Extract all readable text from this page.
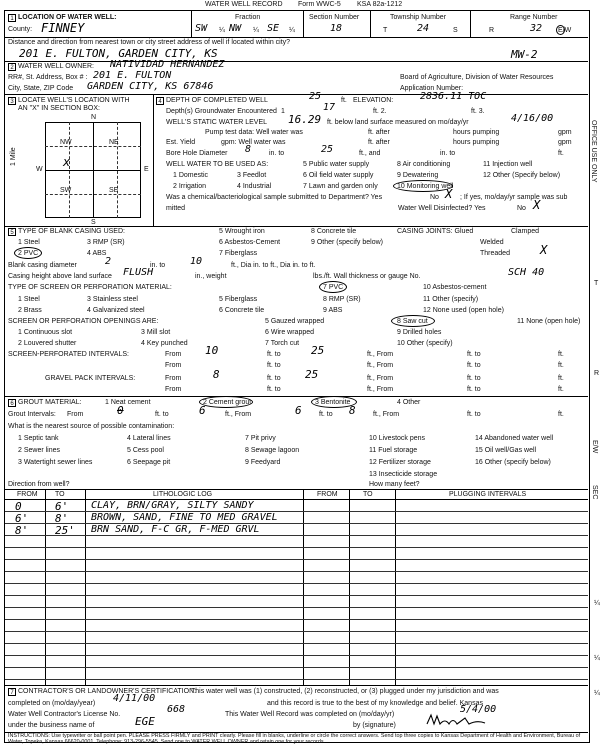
WATER WELL RECORD Form WWC-5 KSA 82a-1212
1 LOCATION OF WATER WELL:
County: FINNEY
Fraction
SW ¼ NW ¼ SE ¼
Section Number
18
Township Number
T	24	S
Range Number
R	32 E/W
Distance and direction from nearest town or city street address of well if located within city?
201 E. FULTON, GARDEN CITY, KS	MW-2
2 WATER WELL OWNER: NATIVIDAD HERNANDEZ
RR#, St. Address, Box # : 201 E. FULTON	Board of Agriculture, Division of Water Resources
City, State, ZIP Code GARDEN CITY, KS 67846	Application Number:
3 LOCATE WELL'S LOCATION WITH
AN "X" IN SECTION BOX:
N
NW	NE
SW	SE
W	E
S
1 Mile	x
4 DEPTH OF COMPLETED WELL	25	ft. ELEVATION:	2836.11 TOC
Depth(s) Groundwater Encountered 1	17	ft. 2.	ft. 3.
WELL'S STATIC WATER LEVEL 16.29 ft. below land surface measured on mo/day/yr	4/16/00
Pump test data: Well water was	ft. after	hours pumping	gpm
Est. Yield	gpm: Well water was	ft. after	hours pumping	gpm
Bore Hole Diameter 8	in. to	25	ft., and	in. to	ft.
WELL WATER TO BE USED AS:	5 Public water supply	8 Air conditioning	11 Injection well
1 Domestic	3 Feedlot	6 Oil field water supply	9 Dewatering	12 Other (Specify below)
2 Irrigation	4 Industrial	7 Lawn and garden only	10 Monitoring well
Was a chemical/bacteriological sample submitted to Department? Yes	No X ; If yes, mo/day/yr sample was sub
mitted	Water Well Disinfected? Yes	No X
5 TYPE OF BLANK CASING USED:
1 Steel	3 RMP (SR)
2 PVC	4 ABS
5 Wrought iron
6 Asbestos-Cement
7 Fiberglass
8 Concrete tile
9 Other (specify below)
CASING JOINTS: Glued	Clamped
Welded
Threaded	X
Blank casing diameter	2	in. to 10	ft., Dia in. to ft., Dia in. to ft.
Casing height above land surface FLUSH	in., weight	lbs./ft. Wall thickness or gauge No.	SCH 40
TYPE OF SCREEN OR PERFORATION MATERIAL:
1 Steel	3 Stainless steel	5 Fiberglass
7 PVC	10 Asbestos-cement
2 Brass	4 Galvanized steel	6 Concrete tile
8 RMP (SR)	11 Other (specify)
9 ABS	12 None used (open hole)
SCREEN OR PERFORATION OPENINGS ARE:	5 Gauzed wrapped	8 Saw cut	11 None (open hole)
1 Continuous slot	3 Mill slot	6 Wire wrapped	9 Drilled holes
2 Louvered shutter	4 Key punched	7 Torch cut	10 Other (specify)
SCREEN-PERFORATED INTERVALS:	From 10	ft. to	25	ft., From	ft. to	ft.
From	ft. to	ft., From	ft. to	ft.
GRAVEL PACK INTERVALS:	From	8	ft. to 25	ft., From	ft. to	ft.
From	ft. to	ft., From	ft. to	ft.
6 GROUT MATERIAL:	1 Neat cement	2 Cement grout	3 Bentonite	4 Other
Grout Intervals: From	0	ft. to	6	ft., From	6 ft. to 8 ft., From	ft. to	ft.
What is the nearest source of possible contamination:
1 Septic tank	4 Lateral lines	7 Pit privy	10 Livestock pens	14 Abandoned water well
2 Sewer lines	5 Cess pool	8 Sewage lagoon	11 Fuel storage	15 Oil well/Gas well
3 Watertight sewer lines	6 Seepage pit	9 Feedyard	12 Fertilizer storage	16 Other (specify below)
13 Insecticide storage
Direction from well?	How many feet?
FROM TO	LITHOLOGIC LOG	FROM	TO	PLUGGING INTERVALS
0	6' CLAY, BRN/GRAY, SILTY SANDY
6' 8' BROWN, SAND, FINE TO MED GRAVEL
8' 25' BRN SAND, F-C GR, F-MED GRVL
7 CONTRACTOR'S OR LANDOWNER'S CERTIFICATION:
This water well was (1) constructed, (2) reconstructed, or (3) plugged under my jurisdiction and was
completed on (mo/day/year) 4/11/00	and this record is true to the best of my knowledge and belief. Kansas
Water Well Contractor's License No.	668	This Water Well Record was completed on (mo/day/yr)	5/4/00
under the business name of	EGE	by (signature)
INSTRUCTIONS: Use typewriter or ball point pen. PLEASE PRESS FIRMLY and PRINT clearly. Please fill in blanks, underline or circle the correct answers. Send top three copies to Kansas Department of Health and Environment, Bureau of Water, Topeka, Kansas 66620-0001. Telephone: 913-296-5545. Send one to WATER WELL OWNER and retain one for your records.
OFFICE USE ONLY
T
R
E/W
SEC
¼
¼
¼
